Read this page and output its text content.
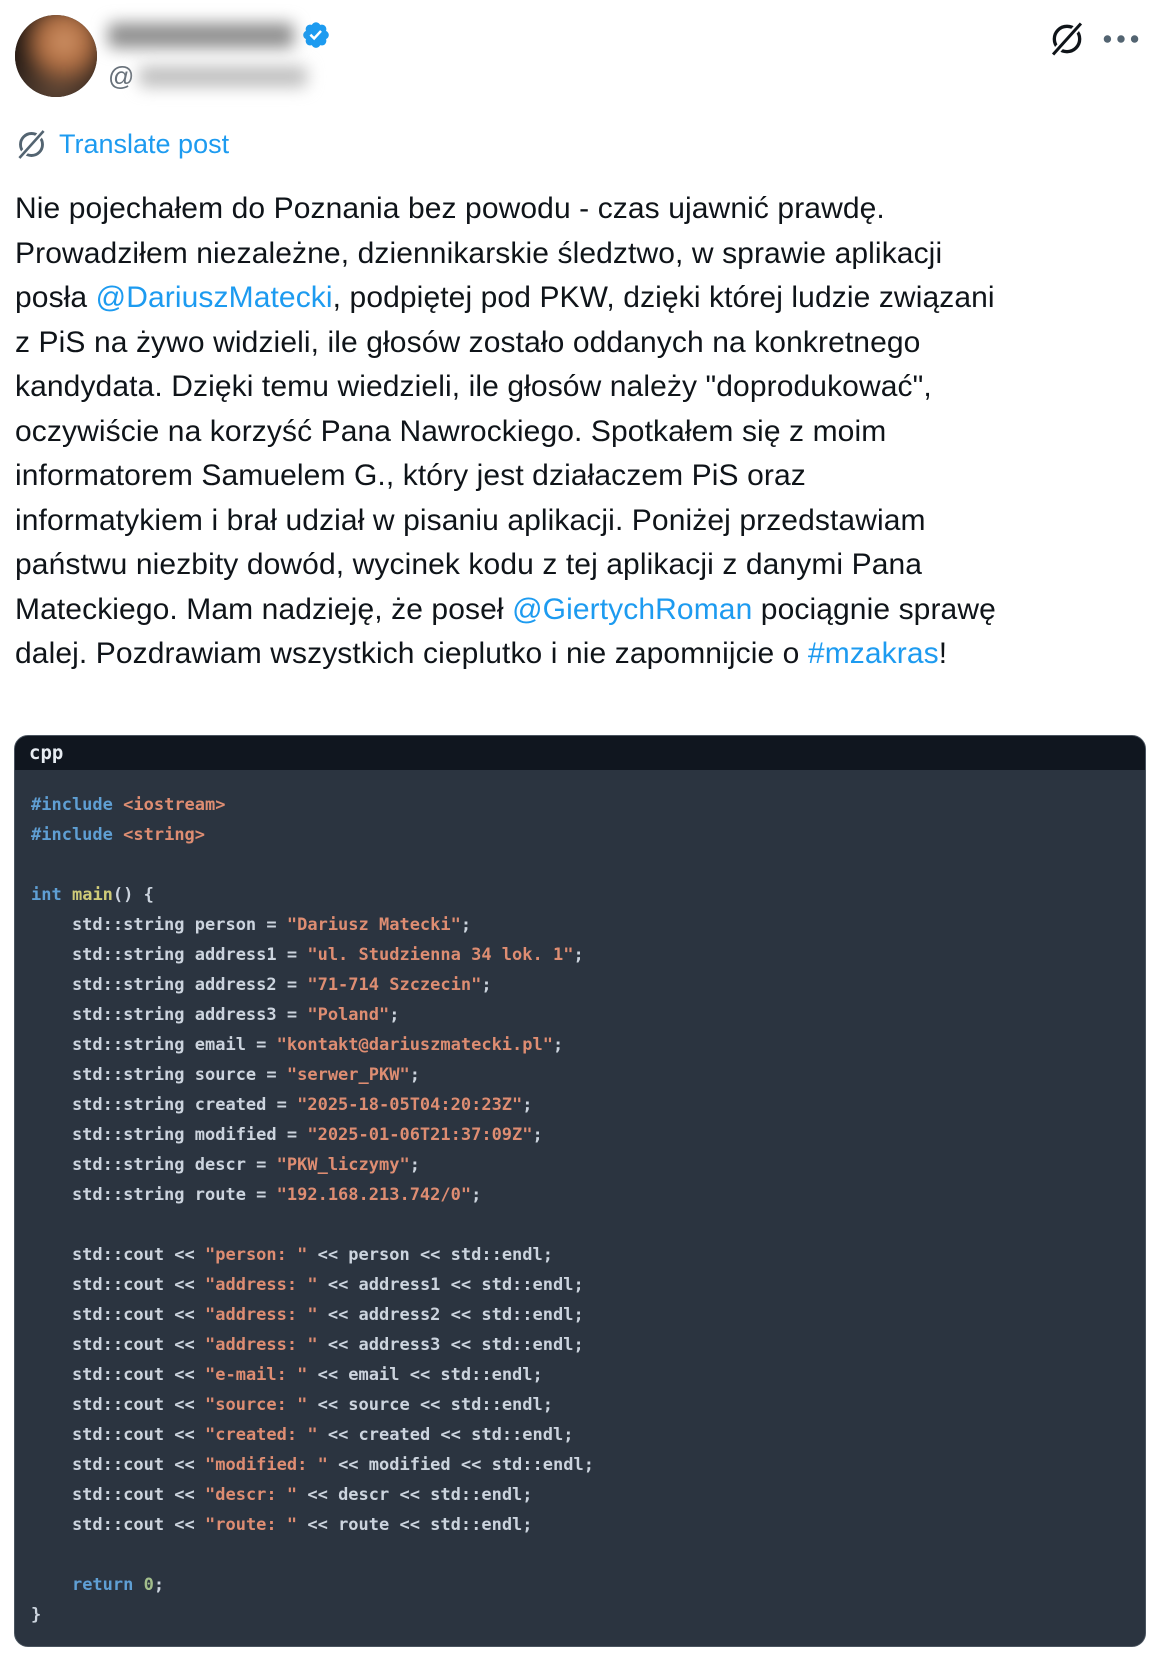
@
Translate post
Nie pojechałem do Poznania bez powodu - czas ujawnić prawdę.
Prowadziłem niezależne, dziennikarskie śledztwo, w sprawie aplikacji
posła @DariuszMatecki, podpiętej pod PKW, dzięki której ludzie związani
z PiS na żywo widzieli, ile głosów zostało oddanych na konkretnego
kandydata. Dzięki temu wiedzieli, ile głosów należy "doprodukować",
oczywiście na korzyść Pana Nawrockiego. Spotkałem się z moim
informatorem Samuelem G., który jest działaczem PiS oraz
informatykiem i brał udział w pisaniu aplikacji. Poniżej przedstawiam
państwu niezbity dowód, wycinek kodu z tej aplikacji z danymi Pana
Mateckiego. Mam nadzieję, że poseł @GiertychRoman pociągnie sprawę
dalej. Pozdrawiam wszystkich cieplutko i nie zapomnijcie o #mzakras!
cpp
#include <iostream>
#include <string>

int main() {
std::string person = "Dariusz Matecki";
std::string address1 = "ul. Studzienna 34 lok. 1";
std::string address2 = "71-714 Szczecin";
std::string address3 = "Poland";
std::string email = "kontakt@dariuszmatecki.pl";
std::string source = "serwer_PKW";
std::string created = "2025-18-05T04:20:23Z";
std::string modified = "2025-01-06T21:37:09Z";
std::string descr = "PKW_liczymy";
std::string route = "192.168.213.742/0";

std::cout << "person: " << person << std::endl;
std::cout << "address: " << address1 << std::endl;
std::cout << "address: " << address2 << std::endl;
std::cout << "address: " << address3 << std::endl;
std::cout << "e-mail: " << email << std::endl;
std::cout << "source: " << source << std::endl;
std::cout << "created: " << created << std::endl;
std::cout << "modified: " << modified << std::endl;
std::cout << "descr: " << descr << std::endl;
std::cout << "route: " << route << std::endl;

return 0;
}
